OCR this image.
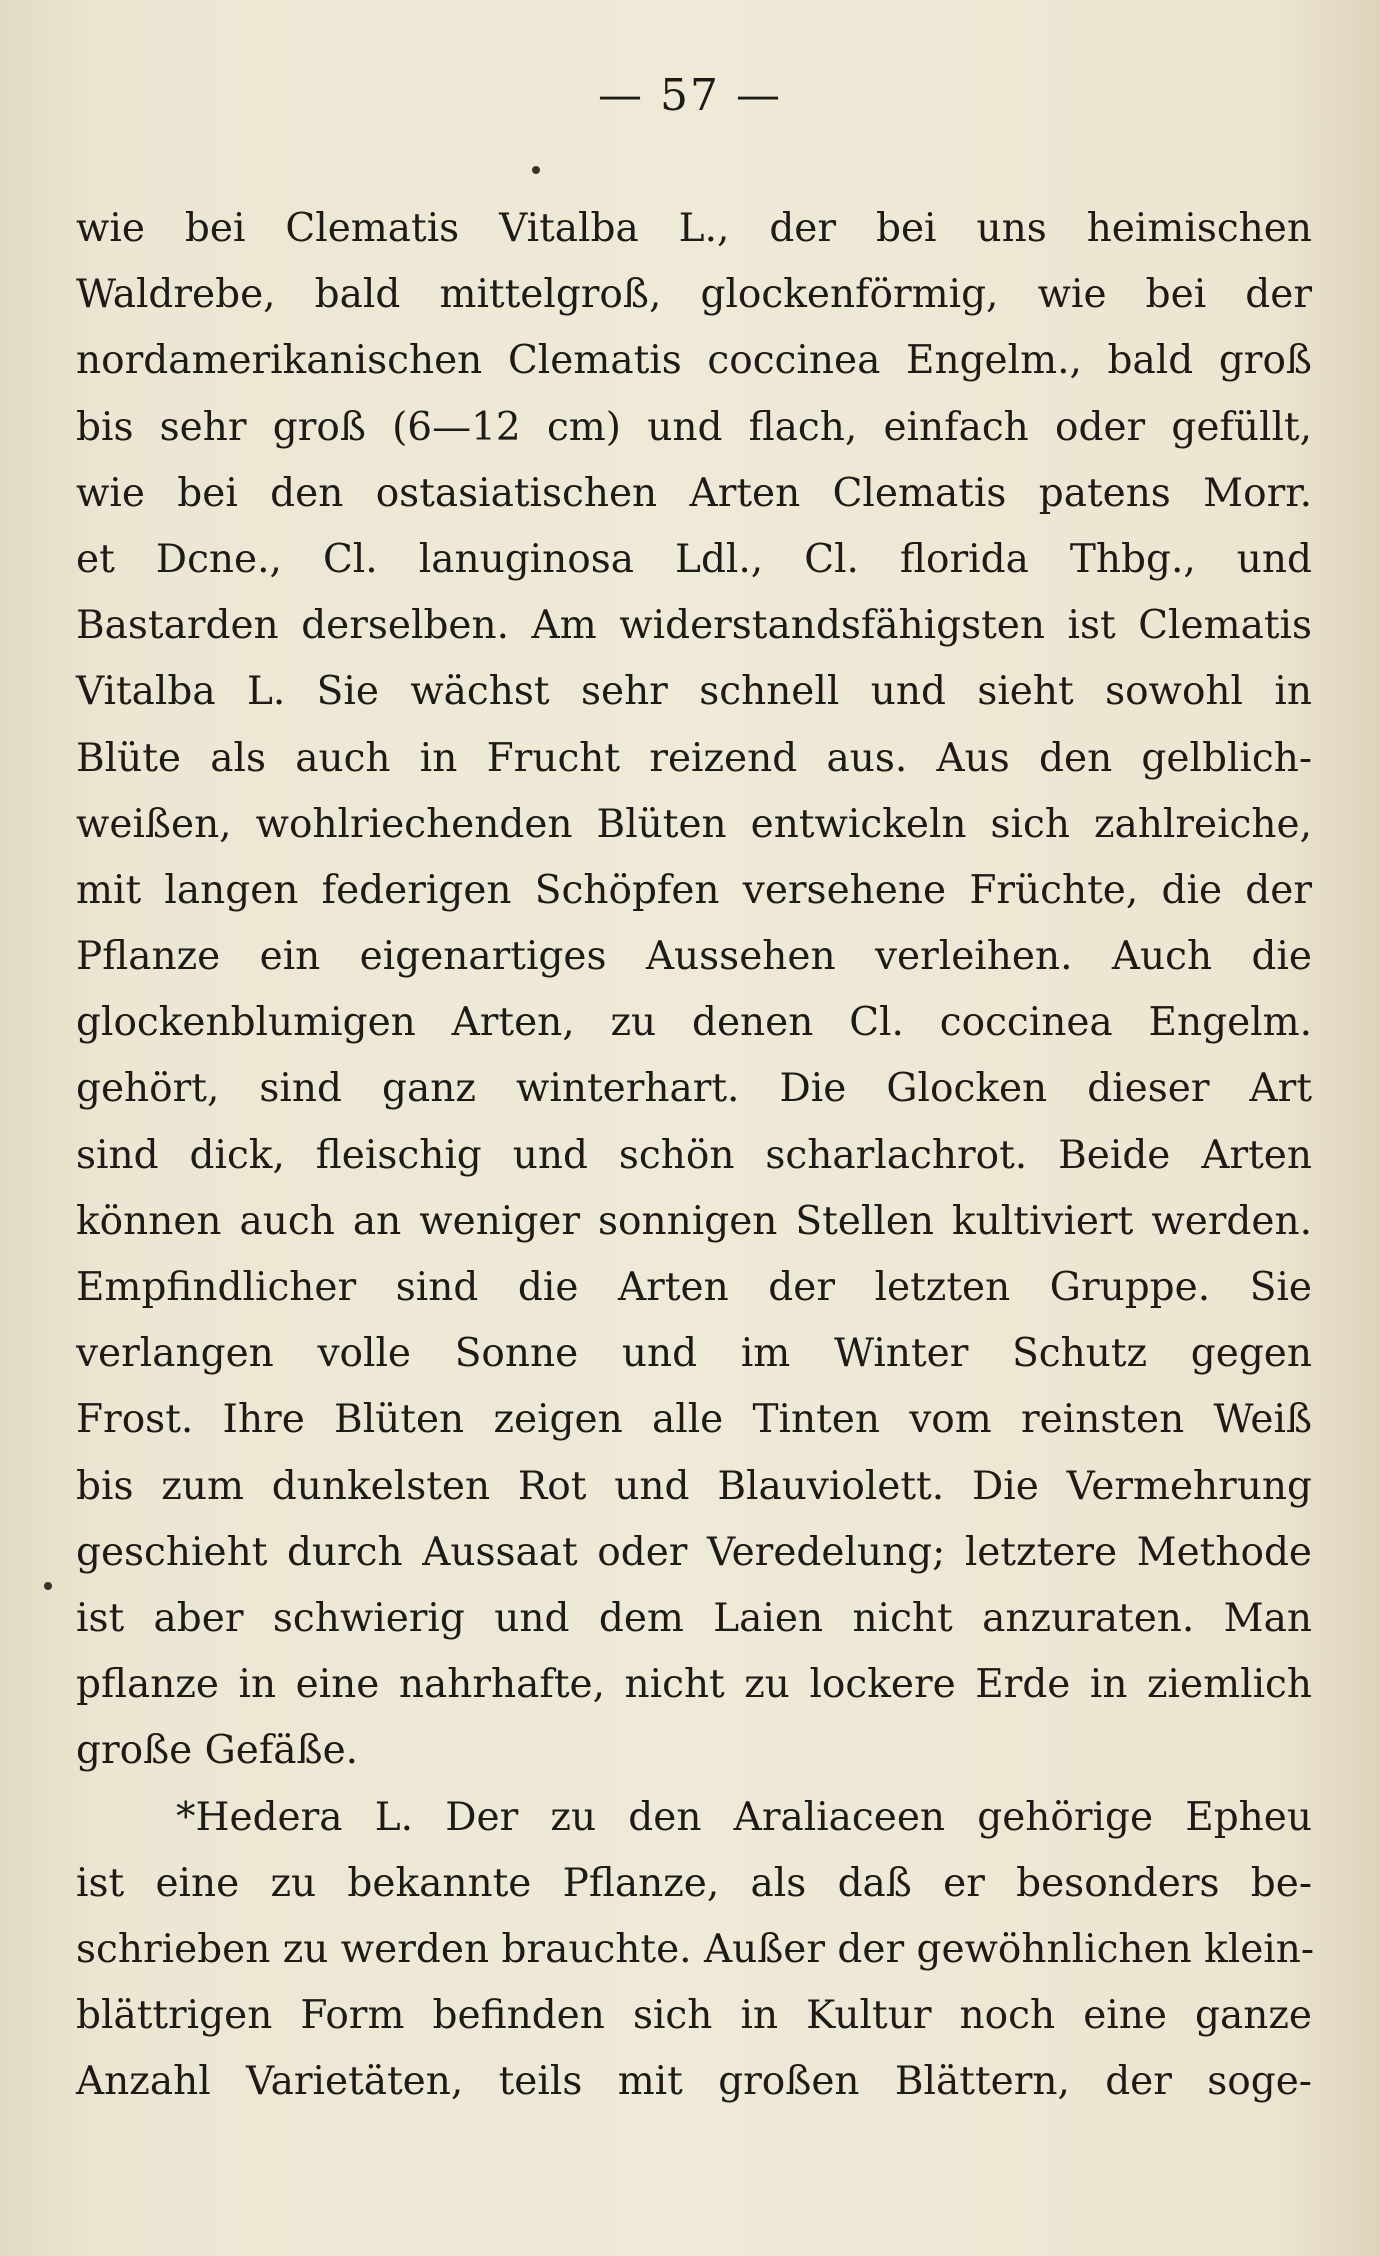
— 57 —
wie bei Clematis Vitalba L., der bei uns heimischen
Waldrebe, bald mittelgroß, glockenförmig, wie bei der
nordamerikanischen Clematis coccinea Engelm., bald groß
bis sehr groß (6—12 cm) und flach, einfach oder gefüllt,
wie bei den ostasiatischen Arten Clematis patens Morr.
et Dcne., Cl. lanuginosa Ldl., Cl. florida Thbg., und
Bastarden derselben. Am widerstandsfähigsten ist Clematis
Vitalba L. Sie wächst sehr schnell und sieht sowohl in
Blüte als auch in Frucht reizend aus. Aus den gelblich-
weißen, wohlriechenden Blüten entwickeln sich zahlreiche,
mit langen federigen Schöpfen versehene Früchte, die der
Pflanze ein eigenartiges Aussehen verleihen. Auch die
glockenblumigen Arten, zu denen Cl. coccinea Engelm.
gehört, sind ganz winterhart. Die Glocken dieser Art
sind dick, fleischig und schön scharlachrot. Beide Arten
können auch an weniger sonnigen Stellen kultiviert werden.
Empfindlicher sind die Arten der letzten Gruppe. Sie
verlangen volle Sonne und im Winter Schutz gegen
Frost. Ihre Blüten zeigen alle Tinten vom reinsten Weiß
bis zum dunkelsten Rot und Blauviolett. Die Vermehrung
geschieht durch Aussaat oder Veredelung; letztere Methode
ist aber schwierig und dem Laien nicht anzuraten. Man
pflanze in eine nahrhafte, nicht zu lockere Erde in ziemlich
große Gefäße.
*Hedera L. Der zu den Araliaceen gehörige Epheu
ist eine zu bekannte Pflanze, als daß er besonders be-
schrieben zu werden brauchte. Außer der gewöhnlichen klein-
blättrigen Form befinden sich in Kultur noch eine ganze
Anzahl Varietäten, teils mit großen Blättern, der soge-
